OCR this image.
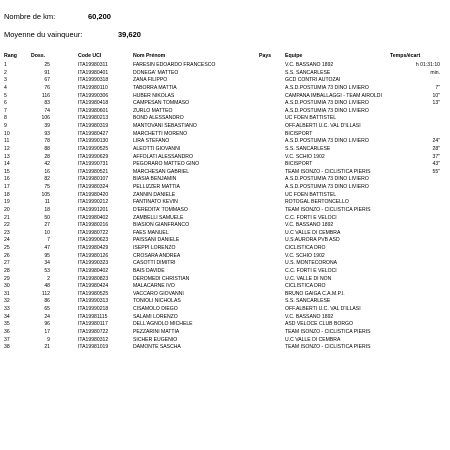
Nombre de km:	60,200
Moyenne du vainqueur:	39,620
Rang	Doss.	Code UCI	Nom Prénom	Pays	Equipe	Temps/écart
1	25	ITA19980311	FARESIN EDOARDO FRANCESCO	V.C. BASSANO 1892	h 01:31:10
2	91	ITA19980401	DONEGA' MATTEO	S.S. SANCARLESE	min.
3	67	ITA19990318	ZANA FILIPPO	GCD CONTRI AUTOZAI
4	76	ITA19980110	TABORRA MATTIA	A.S.D.POSTUMIA 73 DINO LIVIERO	7"
5	116	ITA19990306	HUBER NIKOLAS	CAMPANA IMBALLAGGI - TEAM AIROLDI	10"
6	83	ITA19980418	CAMPESAN TOMMASO	A.S.D.POSTUMIA 73 DINO LIVIERO	13"
7	74	ITA19980601	ZURLO MATTEO	A.S.D.POSTUMIA 73 DINO LIVIERO
8	106	ITA19980213	BOND ALESSANDRO	UC FOEN BATTISTEL
9	39	ITA19980319	MANTOVANI SEBASTIANO	OFF.ALBERTI U.C. VAL D'ILLASI
10	93	ITA19980427	MARCHETTI MORENO	BICISPORT
11	78	ITA19990130	LIRA STEFANO	A.S.D.POSTUMIA 73 DINO LIVIERO	24"
12	88	ITA19990525	ALEOTTI GIOVANNI	S.S. SANCARLESE	28"
13	28	ITA19990629	AFFOLATI ALESSANDRO	V.C. SCHIO 1902	37"
14	42	ITA19990731	PEGORARO MATTEO GINO	BICISPORT	43"
15	16	ITA19980521	MARCHESAN GABRIEL	TEAM ISONZO - CICLISTICA PIERIS	55"
16	82	ITA19980107	BIASIA BENJAMIN	A.S.D.POSTUMIA 73 DINO LIVIERO
17	75	ITA19980324	PELLIZZER MATTIA	A.S.D.POSTUMIA 73 DINO LIVIERO
18	105	ITA19980420	ZANNIN DANIELE	UC FOEN BATTISTEL
19	11	ITA19990212	FANTINATO KEVIN	ROTOGAL BERTONCELLO
20	18	ITA19991201	D'EREDITA' TOMMASO	TEAM ISONZO - CICLISTICA PIERIS
21	50	ITA19980402	ZAMBELLI SAMUELE	C.C. FORTI E VELOCI
22	27	ITA19980216	BIASION GIANFRANCO	V.C. BASSANO 1892
23	10	ITA19980722	FAES MANUEL	U.C VALLE DI CEMBRA
24	7	ITA19990623	PAISSANI DANIELE	U.S.AURORA PVB ASD
25	47	ITA19980429	ISEPPI LORENZO	CICLISTICA DRO
26	95	ITA19980126	CROSARA ANDREA	V.C. SCHIO 1902
27	34	ITA19990323	CASOTTI DIMITRI	U.S. MONTECORONA
28	53	ITA19980402	BAIS DAVIDE	C.C. FORTI E VELOCI
29	2	ITA19980823	DEROMEDI CHRISTIAN	U.C. VALLE DI NON
30	48	ITA19980424	MALACARNE IVO	CICLISTICA DRO
31	112	ITA19980525	VACCARO GIOVANNI	BRUNO GAIGA C.A.M.P.I.
32	86	ITA19990313	TONIOLI NICHOLAS	S.S. SANCARLESE
33	65	ITA19990218	CISAMOLO DIEGO	OFF.ALBERTI U.C. VAL D'ILLASI
34	24	ITA19981115	SALAMI LORENZO	V.C. BASSANO 1892
35	96	ITA19980117	DELL'AGNOLO MICHELE	ASD VELOCE CLUB BORGO
36	17	ITA19980722	PEZZARINI MATTIA	TEAM ISONZO - CICLISTICA PIERIS
37	9	ITA19980312	SICHER EUGENIO	U.C VALLE DI CEMBRA
38	21	ITA19981019	DAMONTE SASCHA	TEAM ISONZO - CICLISTICA PIERIS
